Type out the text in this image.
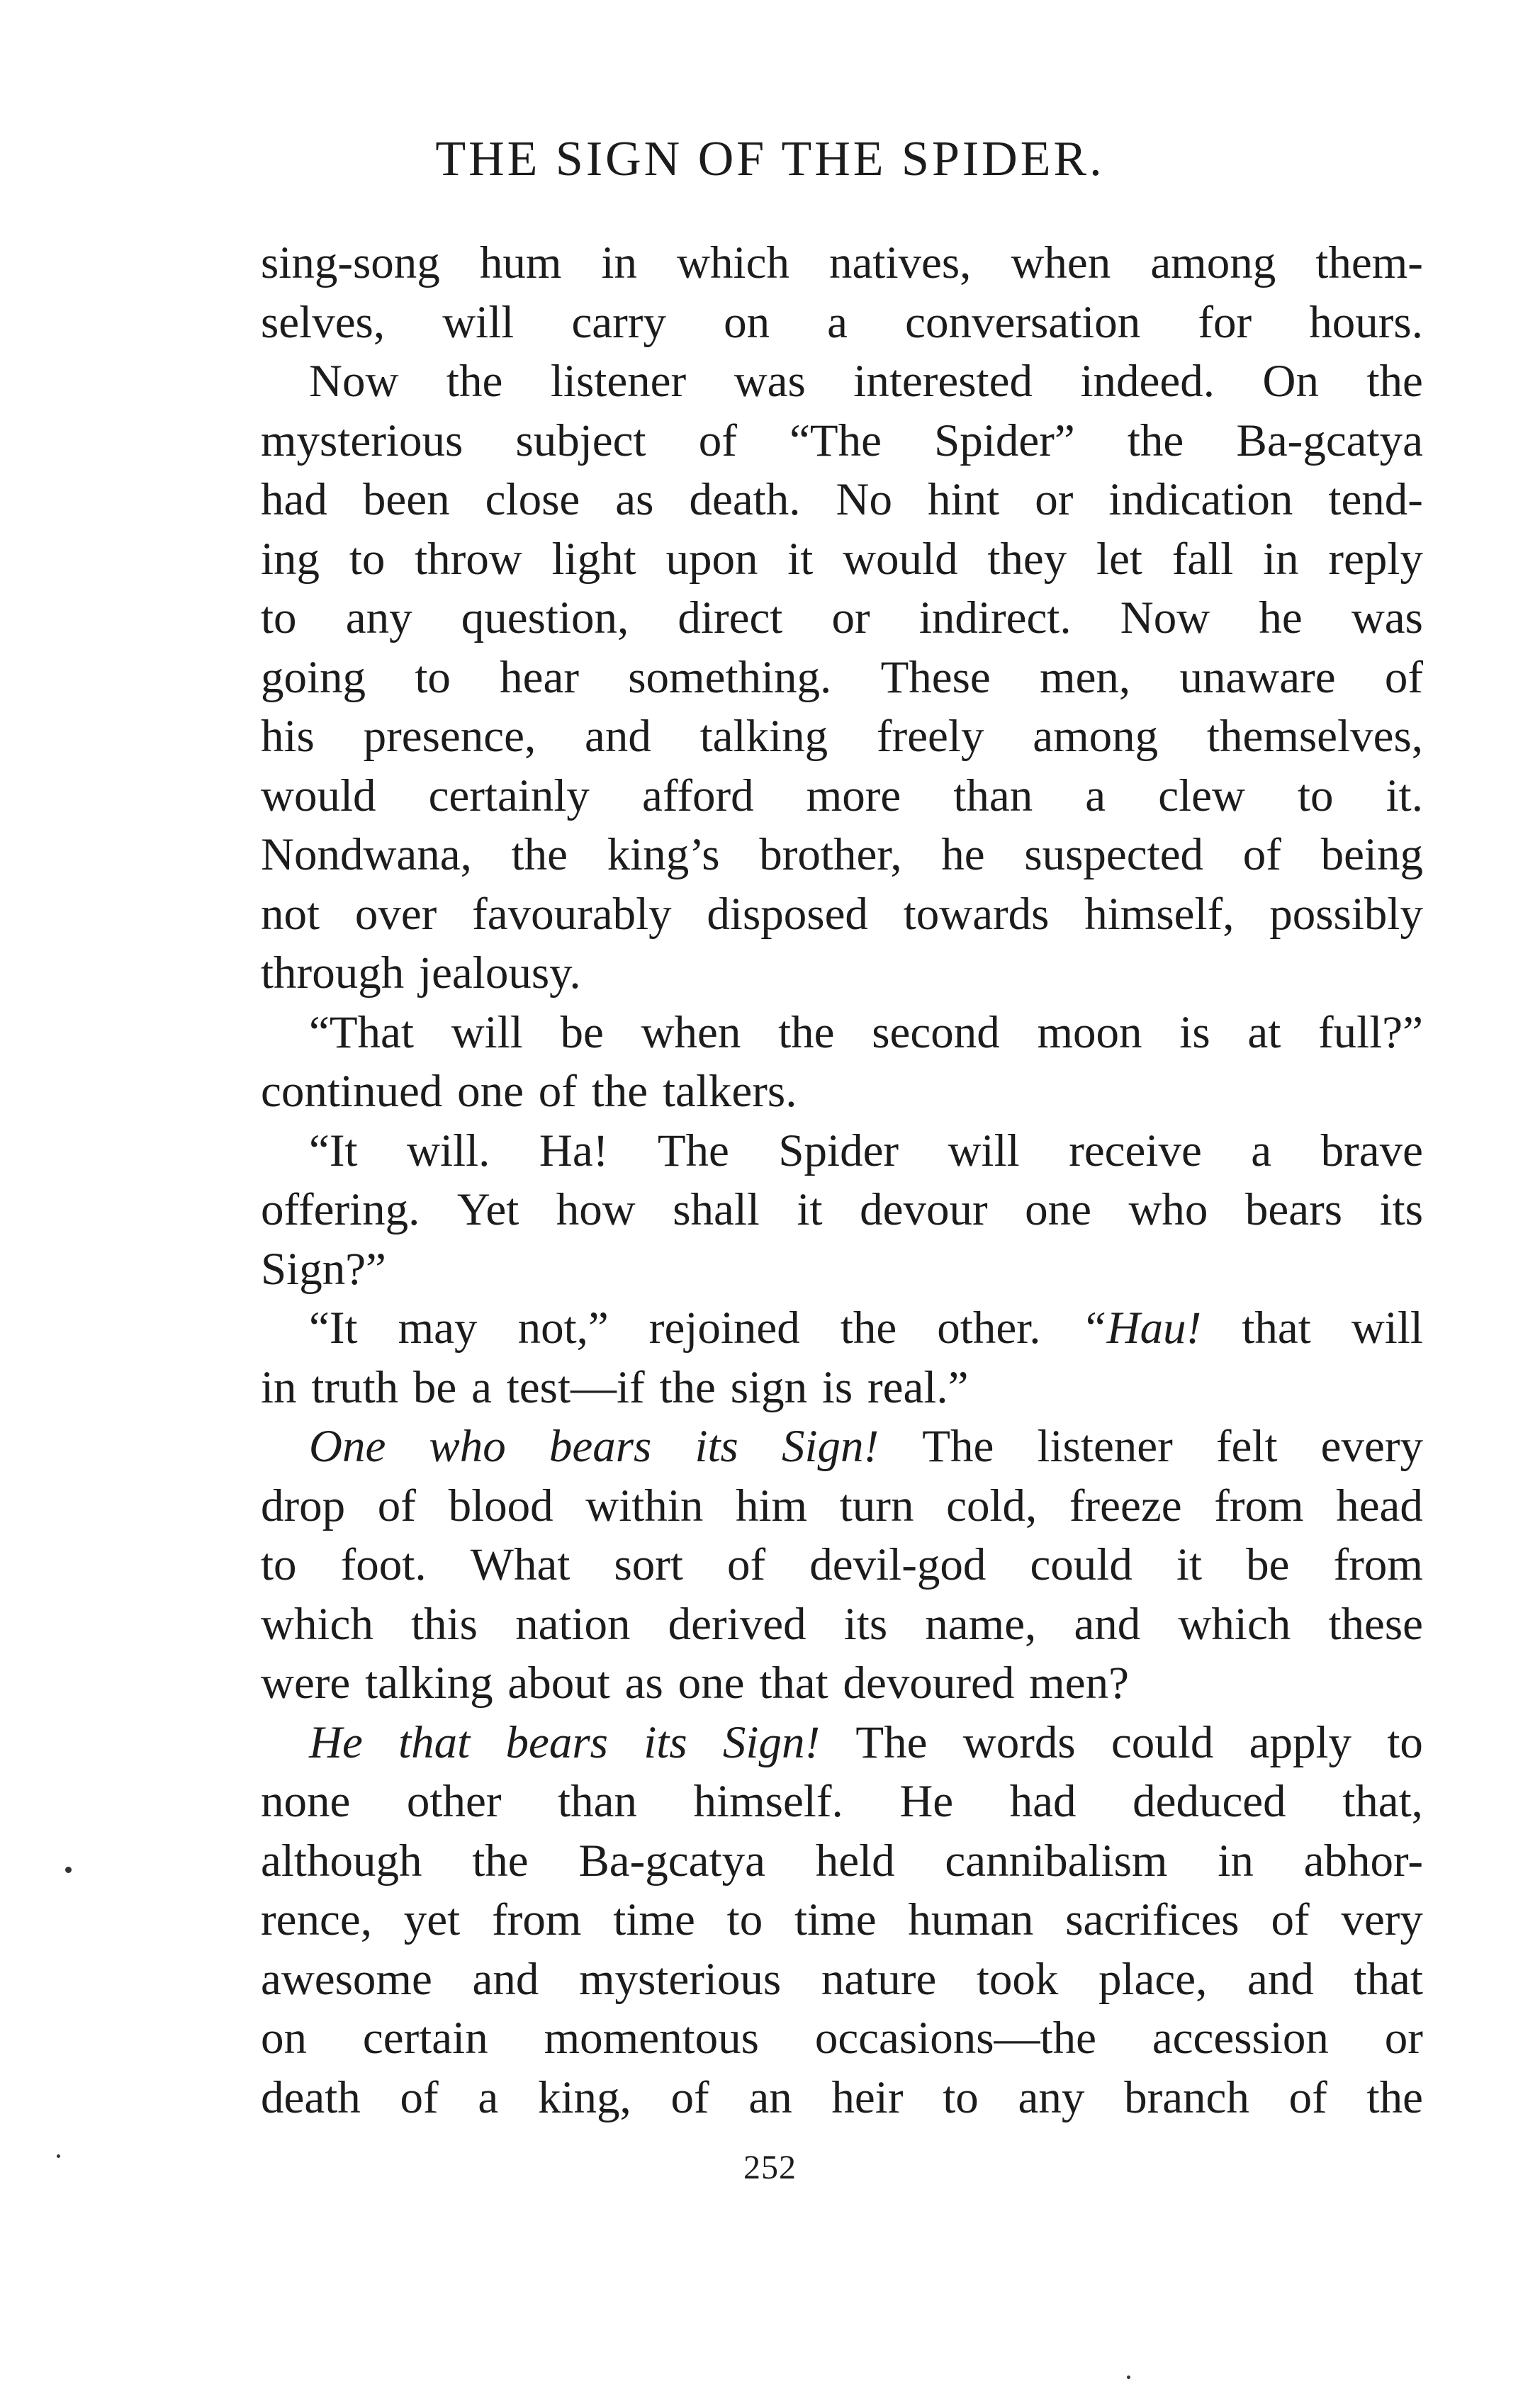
THE SIGN OF THE SPIDER.
sing-song hum in which natives, when among them-
selves, will carry on a conversation for hours.
Now the listener was interested indeed. On the
mysterious subject of “The Spider” the Ba-gcatya
had been close as death. No hint or indication tend-
ing to throw light upon it would they let fall in reply
to any question, direct or indirect. Now he was
going to hear something. These men, unaware of
his presence, and talking freely among themselves,
would certainly afford more than a clew to it.
Nondwana, the king’s brother, he suspected of being
not over favourably disposed towards himself, possibly
through jealousy.
“That will be when the second moon is at full?”
continued one of the talkers.
“It will. Ha! The Spider will receive a brave
offering. Yet how shall it devour one who bears its
Sign?”
“It may not,” rejoined the other. “Hau! that will
in truth be a test—if the sign is real.”
One who bears its Sign! The listener felt every
drop of blood within him turn cold, freeze from head
to foot. What sort of devil-god could it be from
which this nation derived its name, and which these
were talking about as one that devoured men?
He that bears its Sign! The words could apply to
none other than himself. He had deduced that,
although the Ba-gcatya held cannibalism in abhor-
rence, yet from time to time human sacrifices of very
awesome and mysterious nature took place, and that
on certain momentous occasions—the accession or
death of a king, of an heir to any branch of the
252
